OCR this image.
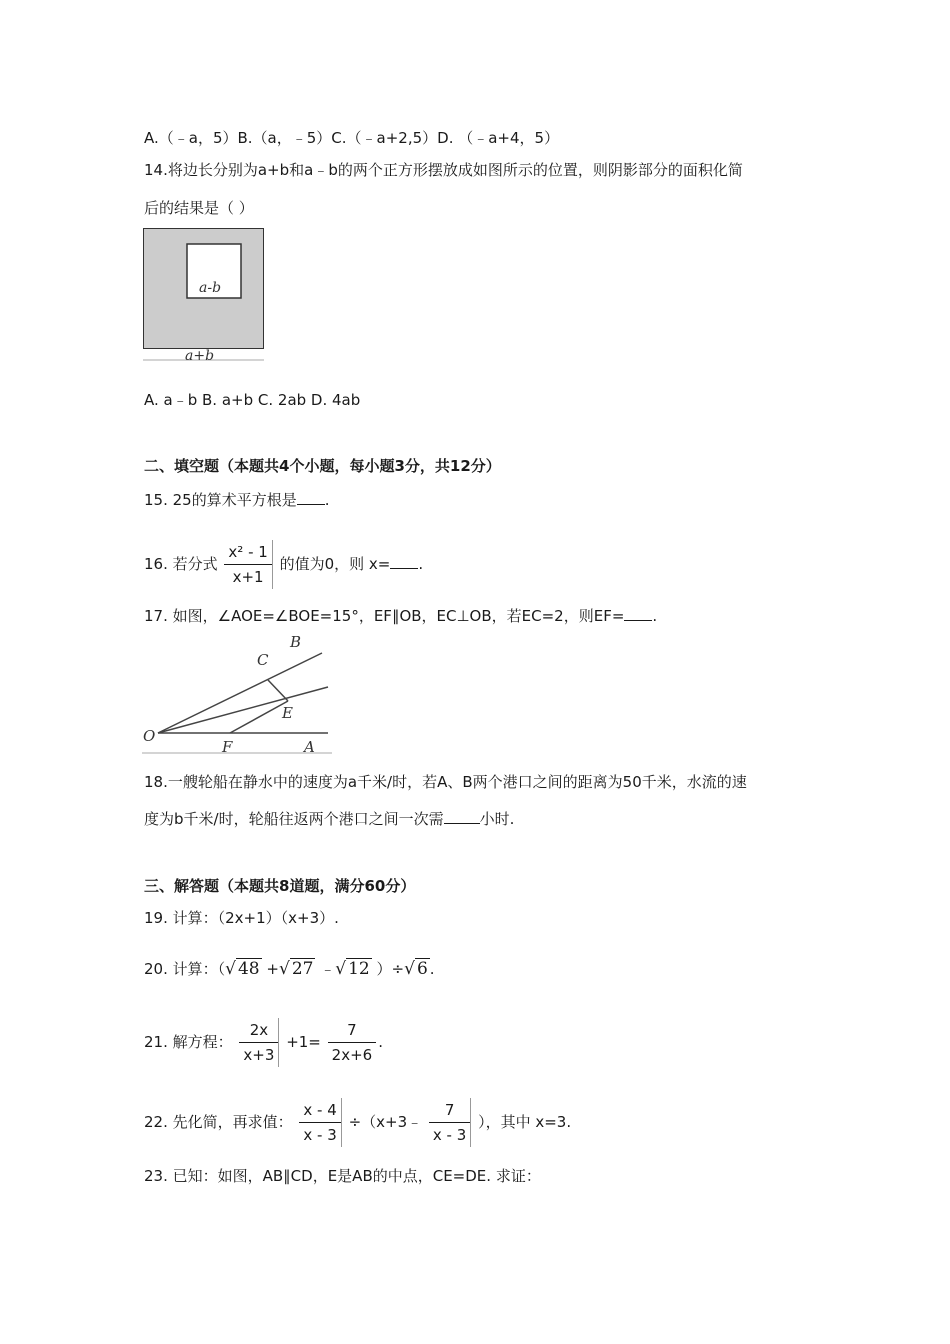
A.（﹣a，5）B.（a，﹣5）C.（﹣a+2,5）D. （﹣a+4，5）
14.将边长分别为a+b和a﹣b的两个正方形摆放成如图所示的位置，则阴影部分的面积化简
后的结果是（ ）
a-b
a+b
A. a﹣b B. a+b C. 2ab D. 4ab
二、填空题（本题共4个小题，每小题3分，共12分）
15. 25的算术平方根是 .
16. 若分式 $\frac{\text{x² - 1}}{x+1}$ 的值为0，则 x= .
17. 如图，∠AOE=∠BOE=15°，EF∥OB，EC⊥OB，若EC=2，则EF= .
O
F	A
B
C
E
18.一艘轮船在静水中的速度为a千米/时，若A、B两个港口之间的距离为50千米，水流的速
度为b千米/时，轮船往返两个港口之间一次需 小时.
三、解答题（本题共8道题，满分60分）
19. 计算：（2x+1）（x+3）.
20. 计算：（√ 48 +√ 27 ﹣√ 12 ）÷√ 6 .
21. 解方程： $\frac{2x}{x+3} +1= \frac{7}{2x+6}$ .
22. 先化简，再求值： $\frac{x - 4}{x - 3}$ ÷（x+3﹣ $\frac{7}{x - 3}$ ），其中 x=3.
23. 已知：如图，AB∥CD，E是AB的中点，CE=DE. 求证：
